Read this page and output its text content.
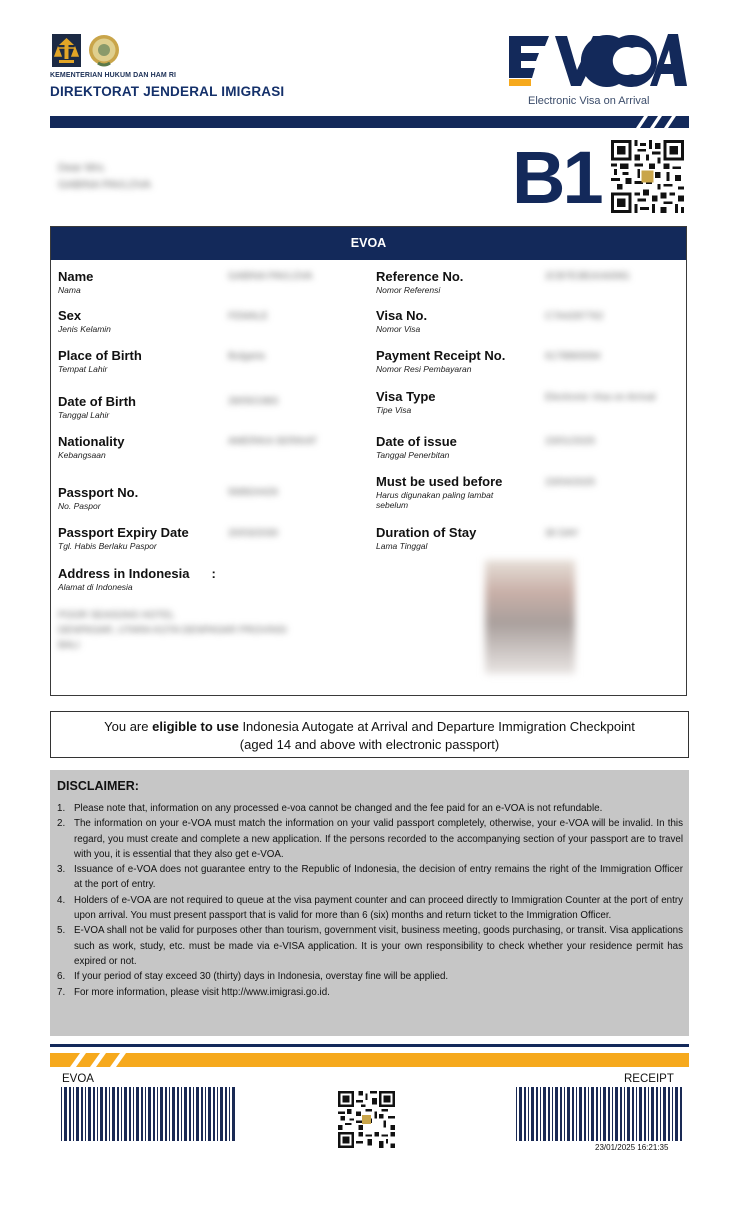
KEMENTERIAN HUKUM DAN HAM RI
DIREKTORAT JENDERAL IMIGRASI
Electronic Visa on Arrival
Dear Mrs.
GABINA PAVLOVA	B1
EVOA
Name
Nama
GABINA PAVLOVA
Sex
Jenis Kelamin
FEMALE
Place of Birth
Tempat Lahir
Bulgaria
Date of Birth
Tanggal Lahir
28/05/1983
Nationality
Kebangsaan
AMERIKA SERIKAT
Passport No.
No. Paspor
568924426
Passport Expiry Date
Tgl. Habis Berlaku Paspor
20/03/2030
Address in Indonesia :
Alamat di Indonesia
POOR SEASONS HOTEL
DENPASAR, UTARA KOTA DENPASAR PROVINSI
BALI
Reference No.
Nomor Referensi
2CB7E3B1KA0081
Visa No.
Nomor Visa
C7A4287762
Payment Receipt No.
Nomor Resi Pembayaran
6178860094
Visa Type
Tipe Visa
Electronic Visa on Arrival
Date of issue
Tanggal Penerbitan
23/01/2025
Must be used before
Harus digunakan paling lambat sebelum
23/04/2025
Duration of Stay
Lama Tinggal
30 DAY
You are eligible to use Indonesia Autogate at Arrival and Departure Immigration Checkpoint
(aged 14 and above with electronic passport)
DISCLAIMER:
1. Please note that, information on any processed e-voa cannot be changed and the fee paid for an e-VOA is not refundable.
2. The information on your e-VOA must match the information on your valid passport completely, otherwise, your e-VOA will be invalid. In this regard, you must create and complete a new application. If the persons recorded to the accompanying section of your passport are to travel with you, it is essential that they also get e-VOA.
3. Issuance of e-VOA does not guarantee entry to the Republic of Indonesia, the decision of entry remains the right of the Immigration Officer at the port of entry.
4. Holders of e-VOA are not required to queue at the visa payment counter and can proceed directly to Immigration Counter at the port of entry upon arrival. You must present passport that is valid for more than 6 (six) months and return ticket to the Immigration Officer.
5. E-VOA shall not be valid for purposes other than tourism, government visit, business meeting, goods purchasing, or transit. Visa applications such as work, study, etc. must be made via e-VISA application. It is your own responsibility to check whether your residence permit has expired or not.
6. If your period of stay exceed 30 (thirty) days in Indonesia, overstay fine will be applied.
7. For more information, please visit http://www.imigrasi.go.id.
EVOA	RECEIPT
23/01/2025 16:21:35
